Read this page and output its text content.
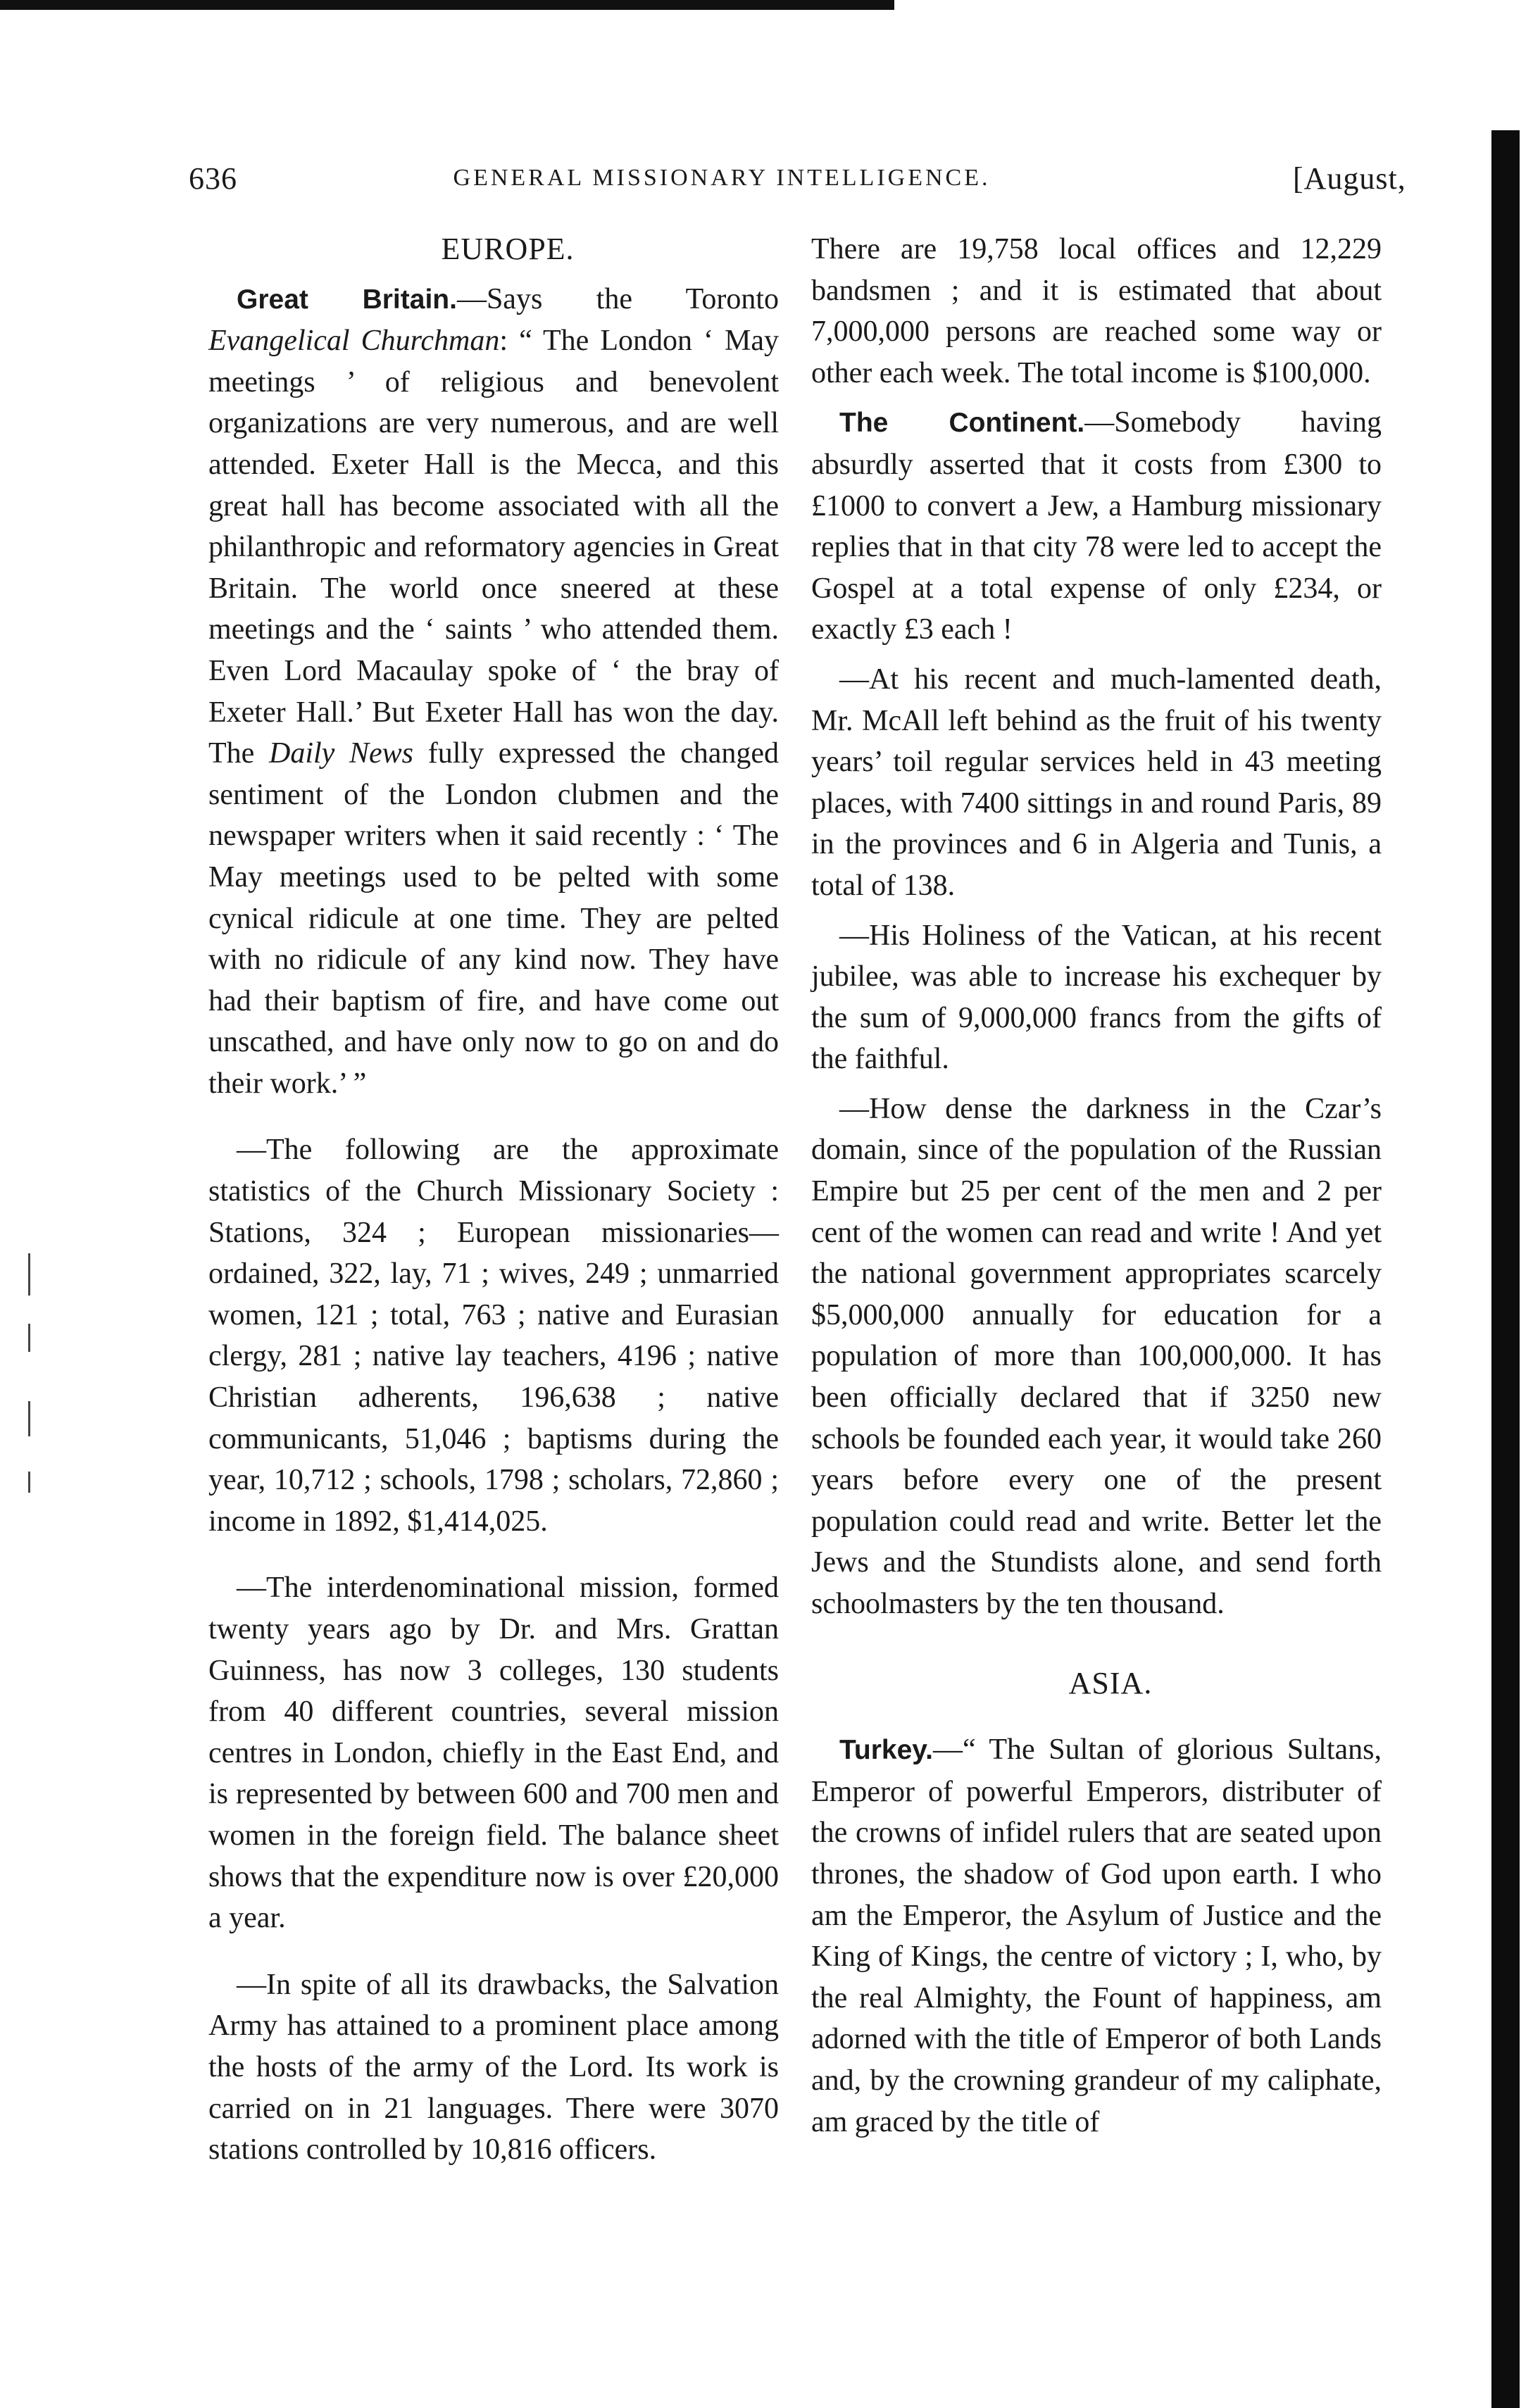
636	GENERAL MISSIONARY INTELLIGENCE.	[August,

EUROPE.

Great Britain.—Says the Toronto Evangelical Churchman: “ The London ‘ May meetings ’ of religious and benevolent organizations are very numerous, and are well attended. Exeter Hall is the Mecca, and this great hall has become associated with all the philanthropic and reformatory agencies in Great Britain. The world once sneered at these meetings and the ‘ saints ’ who attended them. Even Lord Macaulay spoke of ‘ the bray of Exeter Hall.’ But Exeter Hall has won the day. The Daily News fully expressed the changed sentiment of the London clubmen and the newspaper writers when it said recently : ‘ The May meetings used to be pelted with some cynical ridicule at one time. They are pelted with no ridicule of any kind now. They have had their baptism of fire, and have come out unscathed, and have only now to go on and do their work.’ ”

—The following are the approximate statistics of the Church Missionary Society : Stations, 324 ; European missionaries—ordained, 322, lay, 71 ; wives, 249 ; unmarried women, 121 ; total, 763 ; native and Eurasian clergy, 281 ; native lay teachers, 4196 ; native Christian adherents, 196,638 ; native communicants, 51,046 ; baptisms during the year, 10,712 ; schools, 1798 ; scholars, 72,860 ; income in 1892, $1,414,025.

—The interdenominational mission, formed twenty years ago by Dr. and Mrs. Grattan Guinness, has now 3 colleges, 130 students from 40 different countries, several mission centres in London, chiefly in the East End, and is represented by between 600 and 700 men and women in the foreign field. The balance sheet shows that the expenditure now is over £20,000 a year.

—In spite of all its drawbacks, the Salvation Army has attained to a prominent place among the hosts of the army of the Lord. Its work is carried on in 21 languages. There were 3070 stations controlled by 10,816 officers.

There are 19,758 local offices and 12,229 bandsmen ; and it is estimated that about 7,000,000 persons are reached some way or other each week. The total income is $100,000.

The Continent.—Somebody having absurdly asserted that it costs from £300 to £1000 to convert a Jew, a Hamburg missionary replies that in that city 78 were led to accept the Gospel at a total expense of only £234, or exactly £3 each !

—At his recent and much-lamented death, Mr. McAll left behind as the fruit of his twenty years’ toil regular services held in 43 meeting places, with 7400 sittings in and round Paris, 89 in the provinces and 6 in Algeria and Tunis, a total of 138.

—His Holiness of the Vatican, at his recent jubilee, was able to increase his exchequer by the sum of 9,000,000 francs from the gifts of the faithful.

—How dense the darkness in the Czar’s domain, since of the population of the Russian Empire but 25 per cent of the men and 2 per cent of the women can read and write ! And yet the national government appropriates scarcely $5,000,000 annually for education for a population of more than 100,000,000. It has been officially declared that if 3250 new schools be founded each year, it would take 260 years before every one of the present population could read and write. Better let the Jews and the Stundists alone, and send forth schoolmasters by the ten thousand.

ASIA.

Turkey.—“ The Sultan of glorious Sultans, Emperor of powerful Emperors, distributer of the crowns of infidel rulers that are seated upon thrones, the shadow of God upon earth. I who am the Emperor, the Asylum of Justice and the King of Kings, the centre of victory ; I, who, by the real Almighty, the Fount of happiness, am adorned with the title of Emperor of both Lands and, by the crowning grandeur of my caliphate, am graced by the title of
